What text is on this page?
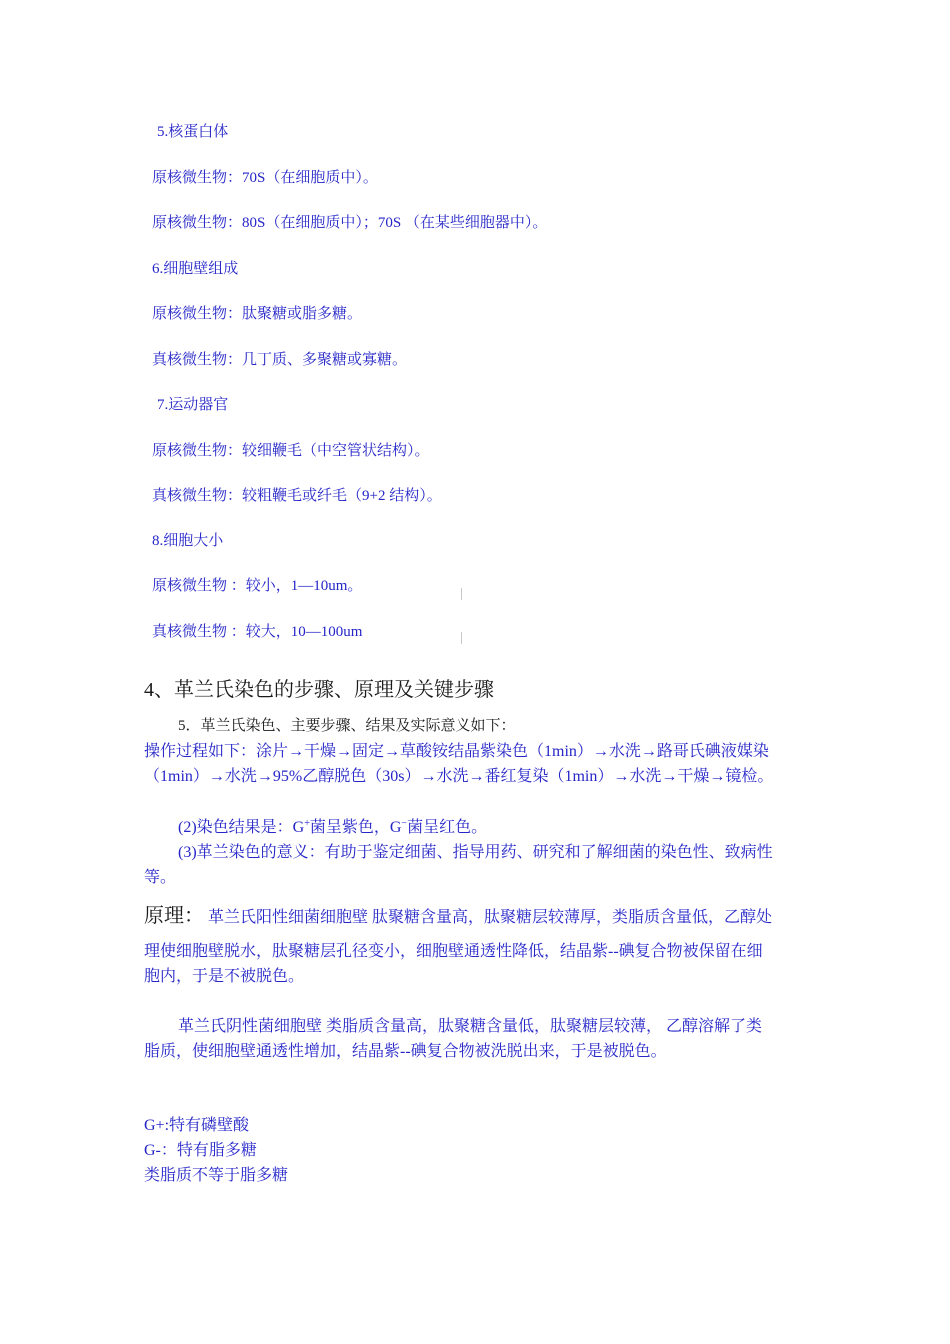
5.核蛋白体
原核微生物：70S（在细胞质中）。
原核微生物：80S（在细胞质中）；70S （在某些细胞器中）。
6.细胞壁组成
原核微生物：肽聚糖或脂多糖。
真核微生物：几丁质、多聚糖或寡糖。
7.运动器官
原核微生物：较细鞭毛（中空管状结构）。
真核微生物：较粗鞭毛或纤毛（9+2 结构）。
8.细胞大小
原核微生物 ：较小，1—10um。
真核微生物 ：较大，10—100um
4、革兰氏染色的步骤、原理及关键步骤
5．革兰氏染色、主要步骤、结果及实际意义如下：
操作过程如下：涂片→干燥→固定→草酸铵结晶紫染色（1min）→水洗→路哥氏碘液媒染
（1min）→水洗→95%乙醇脱色（30s）→水洗→番红复染（1min）→水洗→干燥→镜检。
(2)染色结果是：G+菌呈紫色，G−菌呈红色。
(3)革兰染色的意义：有助于鉴定细菌、指导用药、研究和了解细菌的染色性、致病性
等。
原理： 革兰氏阳性细菌细胞壁 肽聚糖含量高，肽聚糖层较薄厚，类脂质含量低，乙醇处
理使细胞壁脱水，肽聚糖层孔径变小，细胞壁通透性降低，结晶紫--碘复合物被保留在细
胞内，于是不被脱色。
革兰氏阴性菌细胞壁 类脂质含量高，肽聚糖含量低，肽聚糖层较薄， 乙醇溶解了类
脂质，使细胞壁通透性增加，结晶紫--碘复合物被洗脱出来，于是被脱色。
G+:特有磷壁酸
G-：特有脂多糖
类脂质不等于脂多糖
